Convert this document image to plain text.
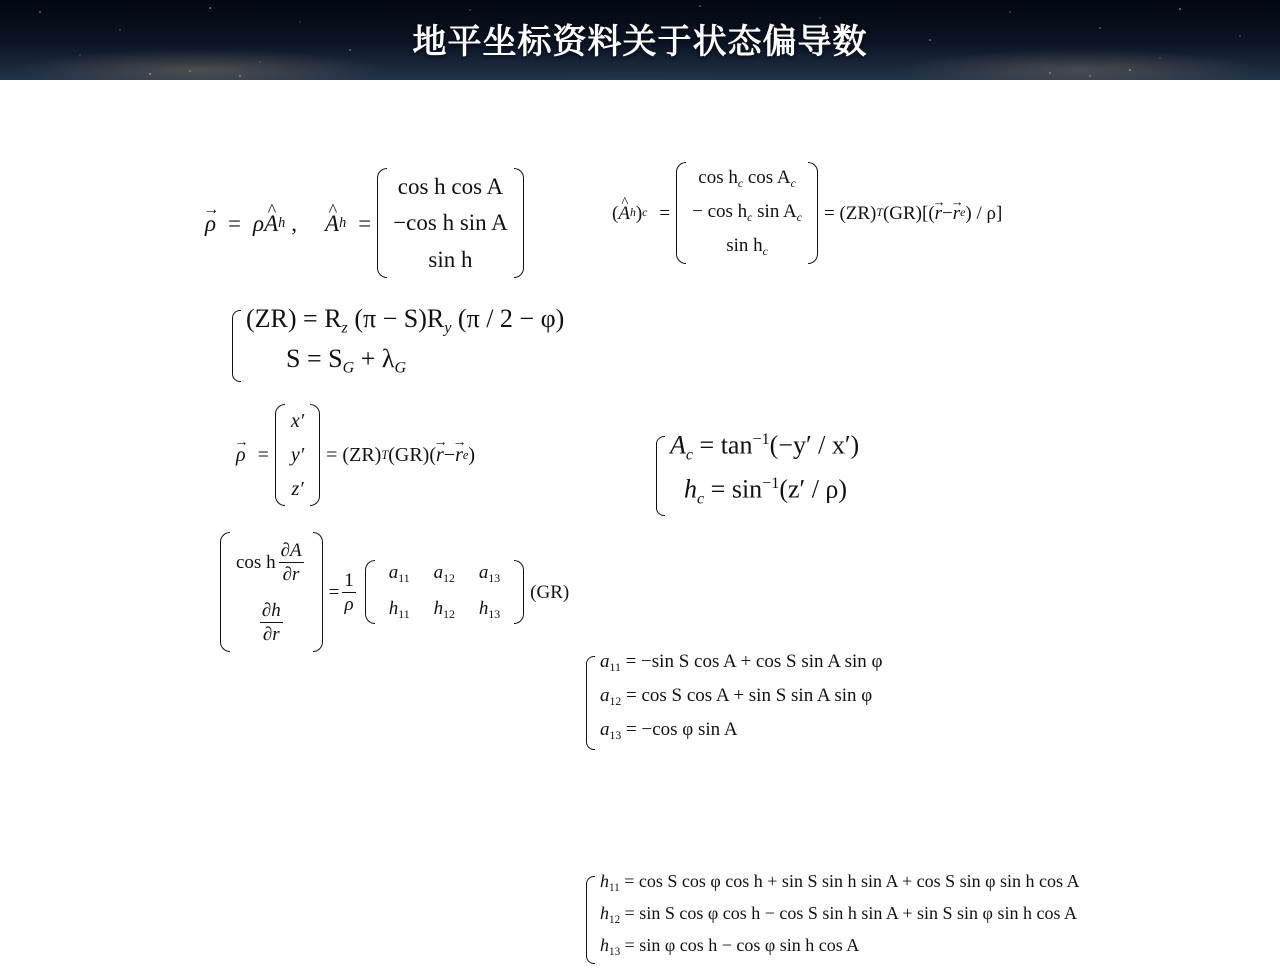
地平坐标资料关于状态偏导数
→ ρ = ρ ^ A h , ^ A h =
cos h cos A
−cos h sin A
sin h
( ^ A h ) c =
$\cos h_c$ $\cos A_c$
− $\cos h_c$ $\sin A_c$
$\sin h_c$
= (ZR) T (GR)[( → r − → r e ) / ρ]
$(ZR) = R_z$ $(\pi - S)R_y$ (π / 2 − φ)
$S = S_G + \lambda_G$
$A_c = \tan^{-1}(-y' / x')$
$h_c = \sin^{-1}(z' / \rho)$
→ ρ =
x′
y′
z′
= (ZR) T (GR)( → r − → r e )
cos h $\frac{\partial A}{\partial r}$
$\frac{\partial h}{\partial r}$
= $\frac{1}{\rho} a_{11}$ $a_{12}$ $a_{13}$
$h_{11}$ $h_{12}$ $h_{13}$
(GR)
$a_{11} = -\sin$ S cos A + cos S sin A sin φ
$a_{12} = \cos S$ cos A + sin S sin A sin φ
$a_{13} = -\cos$ φ sin A
$h_{11} = \cos S$ cos φ cos h + sin S sin h sin A + cos S sin φ sin h cos A
$h_{12} = \sin S$ cos φ cos h − cos S sin h sin A + sin S sin φ sin h cos A
$h_{13} = \sin \varphi$ cos h − cos φ sin h cos A
